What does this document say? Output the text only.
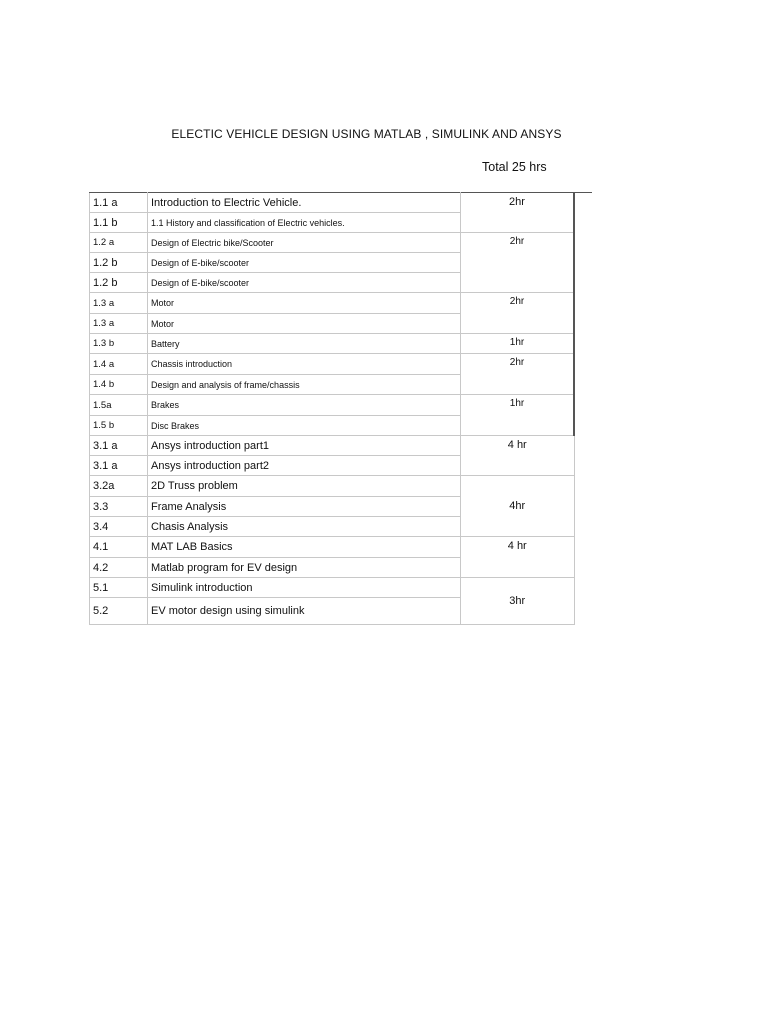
ELECTIC VEHICLE DESIGN USING MATLAB , SIMULINK AND ANSYS
Total 25 hrs
1.1 a	Introduction to Electric Vehicle.	2hr	
1.1 b	1.1 History and classification of Electric vehicles.		
1.2 a	Design of Electric bike/Scooter	2hr	
1.2 b	Design of E-bike/scooter		
1.2 b	Design of E-bike/scooter		
1.3 a	Motor	2hr	
1.3 a	Motor		
1.3 b	Battery	1hr	
1.4 a	Chassis introduction	2hr	
1.4 b	Design and analysis of frame/chassis		
1.5a	Brakes	1hr	
1.5 b	Disc Brakes		
3.1 a	Ansys introduction part1	4 hr	
3.1 a	Ansys introduction part2		
3.2a	2D Truss problem	4hr	
3.3	Frame Analysis		
3.4	Chasis Analysis		
4.1	MAT LAB Basics	4 hr	
4.2	Matlab program for EV design		
5.1	Simulink introduction	3hr	
5.2	EV motor design using simulink		
